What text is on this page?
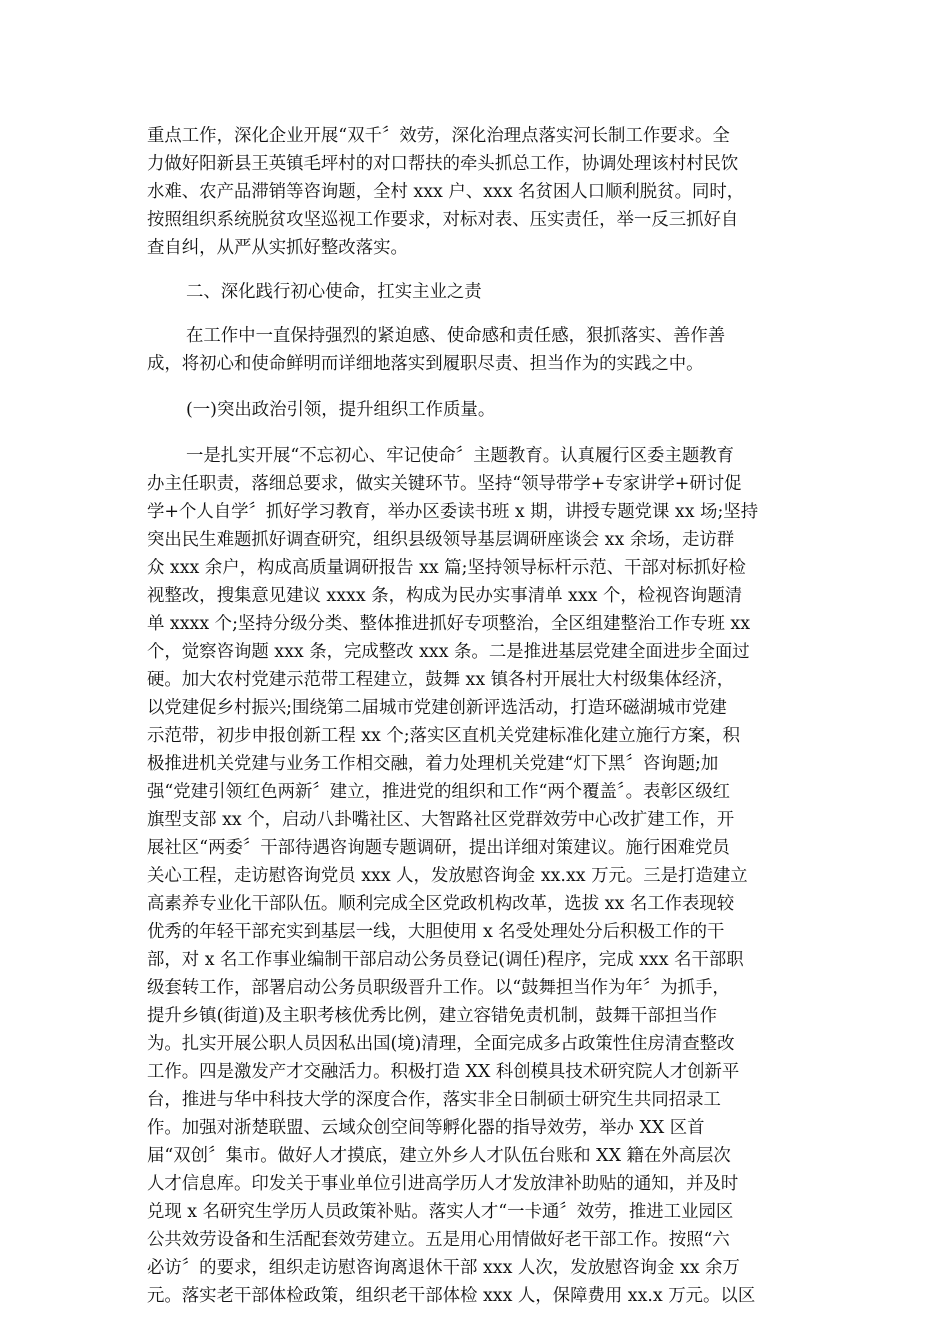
重点工作，深化企业开展“双千〞效劳，深化治理点落实河长制工作要求。全
力做好阳新县王英镇毛坪村的对口帮扶的牵头抓总工作，协调处理该村村民饮
水难、农产品滞销等咨询题，全村 xxx 户、xxx 名贫困人口顺利脱贫。同时，
按照组织系统脱贫攻坚巡视工作要求，对标对表、压实责任，举一反三抓好自
查自纠，从严从实抓好整改落实。
二、深化践行初心使命，扛实主业之责
在工作中一直保持强烈的紧迫感、使命感和责任感，狠抓落实、善作善
成，将初心和使命鲜明而详细地落实到履职尽责、担当作为的实践之中。
(一)突出政治引领，提升组织工作质量。
一是扎实开展“不忘初心、牢记使命〞主题教育。认真履行区委主题教育
办主任职责，落细总要求，做实关键环节。坚持“领导带学+专家讲学+研讨促
学+个人自学〞抓好学习教育，举办区委读书班 x 期，讲授专题党课 xx 场;坚持
突出民生难题抓好调查研究，组织县级领导基层调研座谈会 xx 余场，走访群
众 xxx 余户，构成高质量调研报告 xx 篇;坚持领导标杆示范、干部对标抓好检
视整改，搜集意见建议 xxxx 条，构成为民办实事清单 xxx 个，检视咨询题清
单 xxxx 个;坚持分级分类、整体推进抓好专项整治，全区组建整治工作专班 xx
个，觉察咨询题 xxx 条，完成整改 xxx 条。二是推进基层党建全面进步全面过
硬。加大农村党建示范带工程建立，鼓舞 xx 镇各村开展壮大村级集体经济，
以党建促乡村振兴;围绕第二届城市党建创新评选活动，打造环磁湖城市党建
示范带，初步申报创新工程 xx 个;落实区直机关党建标准化建立施行方案，积
极推进机关党建与业务工作相交融，着力处理机关党建“灯下黑〞咨询题;加
强“党建引领红色两新〞建立，推进党的组织和工作“两个覆盖〞。表彰区级红
旗型支部 xx 个，启动八卦嘴社区、大智路社区党群效劳中心改扩建工作，开
展社区“两委〞干部待遇咨询题专题调研，提出详细对策建议。施行困难党员
关心工程，走访慰咨询党员 xxx 人，发放慰咨询金 xx.xx 万元。三是打造建立
高素养专业化干部队伍。顺利完成全区党政机构改革，选拔 xx 名工作表现较
优秀的年轻干部充实到基层一线，大胆使用 x 名受处理处分后积极工作的干
部，对 x 名工作事业编制干部启动公务员登记(调任)程序，完成 xxx 名干部职
级套转工作，部署启动公务员职级晋升工作。以“鼓舞担当作为年〞为抓手，
提升乡镇(街道)及主职考核优秀比例，建立容错免责机制，鼓舞干部担当作
为。扎实开展公职人员因私出国(境)清理，全面完成多占政策性住房清查整改
工作。四是激发产才交融活力。积极打造 XX 科创模具技术研究院人才创新平
台，推进与华中科技大学的深度合作，落实非全日制硕士研究生共同招录工
作。加强对浙楚联盟、云域众创空间等孵化器的指导效劳，举办 XX 区首
届“双创〞集市。做好人才摸底，建立外乡人才队伍台账和 XX 籍在外高层次
人才信息库。印发关于事业单位引进高学历人才发放津补助贴的通知，并及时
兑现 x 名研究生学历人员政策补贴。落实人才“一卡通〞效劳，推进工业园区
公共效劳设备和生活配套效劳建立。五是用心用情做好老干部工作。按照“六
必访〞的要求，组织走访慰咨询离退休干部 xxx 人次，发放慰咨询金 xx 余万
元。落实老干部体检政策，组织老干部体检 xxx 人，保障费用 xx.x 万元。以区
